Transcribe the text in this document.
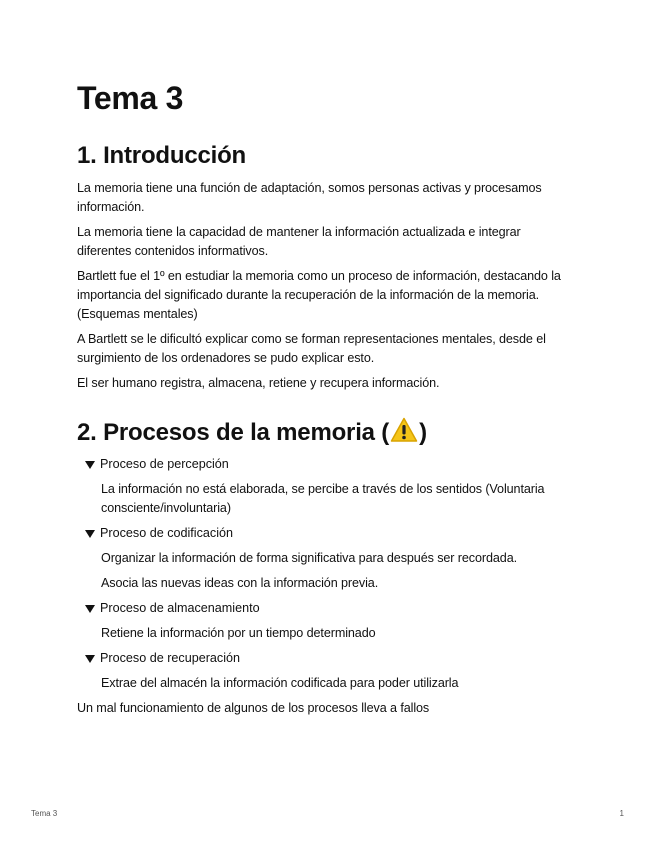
Tema 3
1. Introducción

La memoria tiene una función de adaptación, somos personas activas y procesamos información.

La memoria tiene la capacidad de mantener la información actualizada e integrar diferentes contenidos informativos.

Bartlett fue el 1º en estudiar la memoria como un proceso de información, destacando la importancia del significado durante la recuperación de la información de la memoria. (Esquemas mentales)

A Bartlett se le dificultó explicar como se forman representaciones mentales, desde el surgimiento de los ordenadores se pudo explicar esto.

El ser humano registra, almacena, retiene y recupera información.

2. Procesos de la memoria ( )
Proceso de percepción

La información no está elaborada, se percibe a través de los sentidos (Voluntaria consciente/involuntaria)

Proceso de codificación

Organizar la información de forma significativa para después ser recordada.

Asocia las nuevas ideas con la información previa.

Proceso de almacenamiento

Retiene la información por un tiempo determinado

Proceso de recuperación

Extrae del almacén la información codificada para poder utilizarla

Un mal funcionamiento de algunos de los procesos lleva a fallos

Tema 3	1
